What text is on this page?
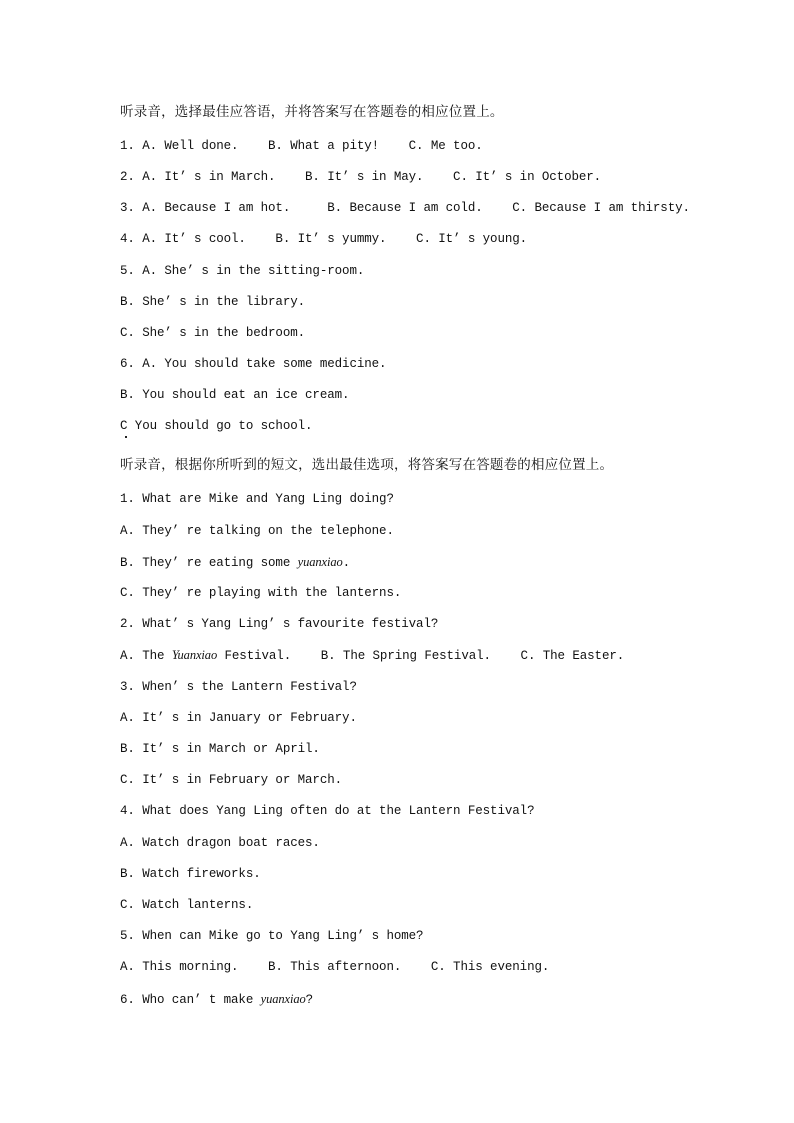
听录音，选择最佳应答语，并将答案写在答题卷的相应位置上。
1. A. Well done.    B. What a pity!    C. Me too.
2. A. It’ s in March.    B. It’ s in May.    C. It’ s in October.
3. A. Because I am hot.     B. Because I am cold.    C. Because I am thirsty.
4. A. It’ s cool.    B. It’ s yummy.    C. It’ s young.
5. A. She’ s in the sitting-room.
B. She’ s in the library.
C. She’ s in the bedroom.
6. A. You should take some medicine.
B. You should eat an ice cream.
C You should go to school.
听录音，根据你所听到的短文，选出最佳选项，将答案写在答题卷的相应位置上。
1. What are Mike and Yang Ling doing?
A. They’ re talking on the telephone.
B. They’ re eating some yuanxiao.
C. They’ re playing with the lanterns.
2. What’ s Yang Ling’ s favourite festival?
A. The Yuanxiao Festival.    B. The Spring Festival.    C. The Easter.
3. When’ s the Lantern Festival?
A. It’ s in January or February.
B. It’ s in March or April.
C. It’ s in February or March.
4. What does Yang Ling often do at the Lantern Festival?
A. Watch dragon boat races.
B. Watch fireworks.
C. Watch lanterns.
5. When can Mike go to Yang Ling’ s home?
A. This morning.    B. This afternoon.    C. This evening.
6. Who can’ t make yuanxiao?
